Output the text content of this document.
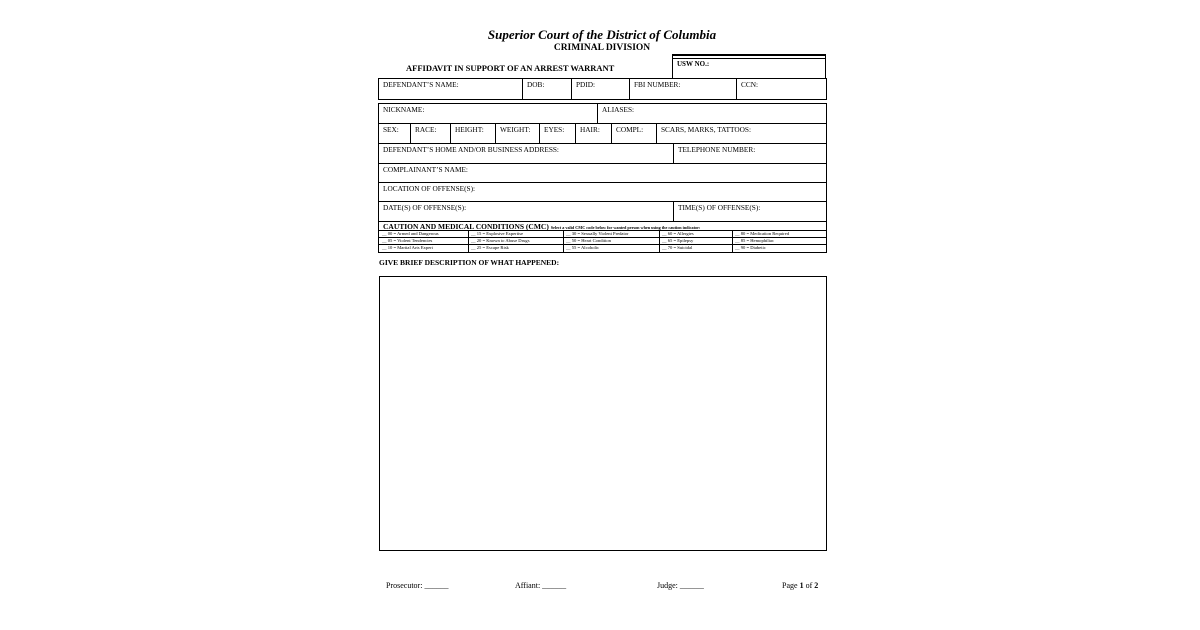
Superior Court of the District of Columbia
CRIMINAL DIVISION
USW NO.:
AFFIDAVIT IN SUPPORT OF AN ARREST WARRANT
DEFENDANT’S NAME:	DOB:	PDID:	FBI NUMBER:	CCN:
NICKNAME:	ALIASES:
SEX:	RACE:	HEIGHT:	WEIGHT:	EYES:	HAIR:	COMPL:	SCARS, MARKS, TATTOOS:
DEFENDANT’S HOME AND/OR BUSINESS ADDRESS:	TELEPHONE NUMBER:
COMPLAINANT’S NAME:
LOCATION OF OFFENSE(S):
DATE(S) OF OFFENSE(S):	TIME(S) OF OFFENSE(S):
CAUTION AND MEDICAL CONDITIONS (CMC) Select a valid CMC code below for wanted person when using the caution indicator:
__ 00 = Armed and Dangerous	__ 15 = Explosive Expertise	__ 30 = Sexually Violent Predator	__ 60 = Allergies	__ 80 = Medication Required
__ 05 = Violent Tendencies	__ 20 = Known to Abuse Drugs	__ 50 = Heart Condition	__ 65 = Epilepsy	__ 85 = Hemophiliac
__ 10 = Martial Arts Expert	__ 25 = Escape Risk	__ 55 = Alcoholic	__ 70 = Suicidal	__ 90 = Diabetic
GIVE BRIEF DESCRIPTION OF WHAT HAPPENED:
Prosecutor: ______	Affiant: ______	Judge: ______	Page 1 of 2
